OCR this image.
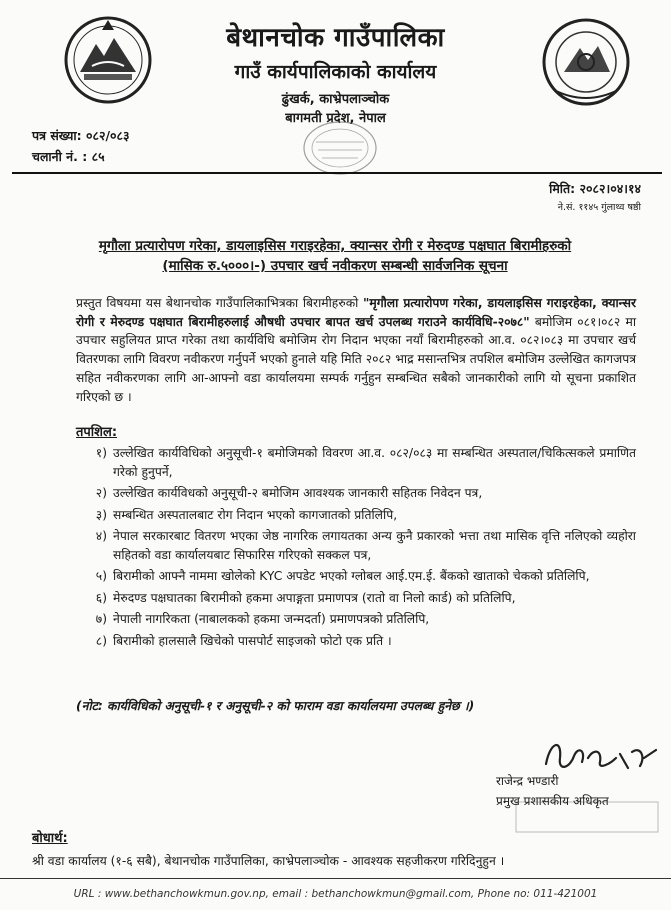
बेथानचोक गाउँपालिका
गाउँ कार्यपालिकाको कार्यालय
ढुंखर्क, काभ्रेपलाञ्चोक
बागमती प्रदेश, नेपाल
पत्र संख्या: ०८२/०८३
चलानी नं. : ८५
मिति: २०८२।०४।१४
ने.सं. ११४५ गुंलाथ्व षष्ठी
मृगौला प्रत्यारोपण गरेका, डायलाइसिस गराइरहेका, क्यान्सर रोगी र मेरुदण्ड पक्षघात बिरामीहरुको
(मासिक रु.५०००।-) उपचार खर्च नवीकरण सम्बन्धी सार्वजनिक सूचना
प्रस्तुत विषयमा यस बेथानचोक गाउँपालिकाभित्रका बिरामीहरुको "मृगौला प्रत्यारोपण गरेका, डायलाइसिस गराइरहेका, क्यान्सर रोगी र मेरुदण्ड पक्षघात बिरामीहरुलाई औषधी उपचार बापत खर्च उपलब्ध गराउने कार्यविधि-२०७८" बमोजिम ०८१।०८२ मा उपचार सहुलियत प्राप्त गरेका तथा कार्यविधि बमोजिम रोग निदान भएका नयाँ बिरामीहरुको आ.व. ०८२।०८३ मा उपचार खर्च वितरणका लागि विवरण नवीकरण गर्नुपर्ने भएको हुनाले यहि मिति २०८२ भाद्र मसान्तभित्र तपशिल बमोजिम उल्लेखित कागजपत्र सहित नवीकरणका लागि आ-आफ्नो वडा कार्यालयमा सम्पर्क गर्नुहुन सम्बन्धित सबैको जानकारीको लागि यो सूचना प्रकाशित गरिएको छ ।
तपशिल:
१) उल्लेखित कार्यविधिको अनुसूची-१ बमोजिमको विवरण आ.व. ०८२/०८३ मा सम्बन्धित अस्पताल/चिकित्सकले प्रमाणित गरेको हुनुपर्ने,
२) उल्लेखित कार्यविधको अनुसूची-२ बमोजिम आवश्यक जानकारी सहितक निवेदन पत्र,
३) सम्बन्धित अस्पतालबाट रोग निदान भएको कागजातको प्रतिलिपि,
४) नेपाल सरकारबाट वितरण भएका जेष्ठ नागरिक लगायतका अन्य कुनै प्रकारको भत्ता तथा मासिक वृत्ति नलिएको व्यहोरा सहितको वडा कार्यालयबाट सिफारिस गरिएको सक्कल पत्र,
५) बिरामीको आफ्नै नाममा खोलेको KYC अपडेट भएको ग्लोबल आई.एम.ई. बैंकको खाताको चेकको प्रतिलिपि,
६) मेरुदण्ड पक्षघातका बिरामीको हकमा अपाङ्गता प्रमाणपत्र (रातो वा निलो कार्ड) को प्रतिलिपि,
७) नेपाली नागरिकता (नाबालकको हकमा जन्मदर्ता) प्रमाणपत्रको प्रतिलिपि,
८) बिरामीको हालसालै खिचेको पासपोर्ट साइजको फोटो एक प्रति ।
(नोट: कार्यविधिको अनुसूची-१ र अनुसूची-२ को फाराम वडा कार्यालयमा उपलब्ध हुनेछ ।)
राजेन्द्र भण्डारी
प्रमुख प्रशासकीय अधिकृत
बोधार्थ:
श्री वडा कार्यालय (१-६ सबै), बेथानचोक गाउँपालिका, काभ्रेपलाञ्चोक - आवश्यक सहजीकरण गरिदिनुहुन ।
URL : www.bethanchowkmun.gov.np, email : bethanchowkmun@gmail.com, Phone no: 011-421001
